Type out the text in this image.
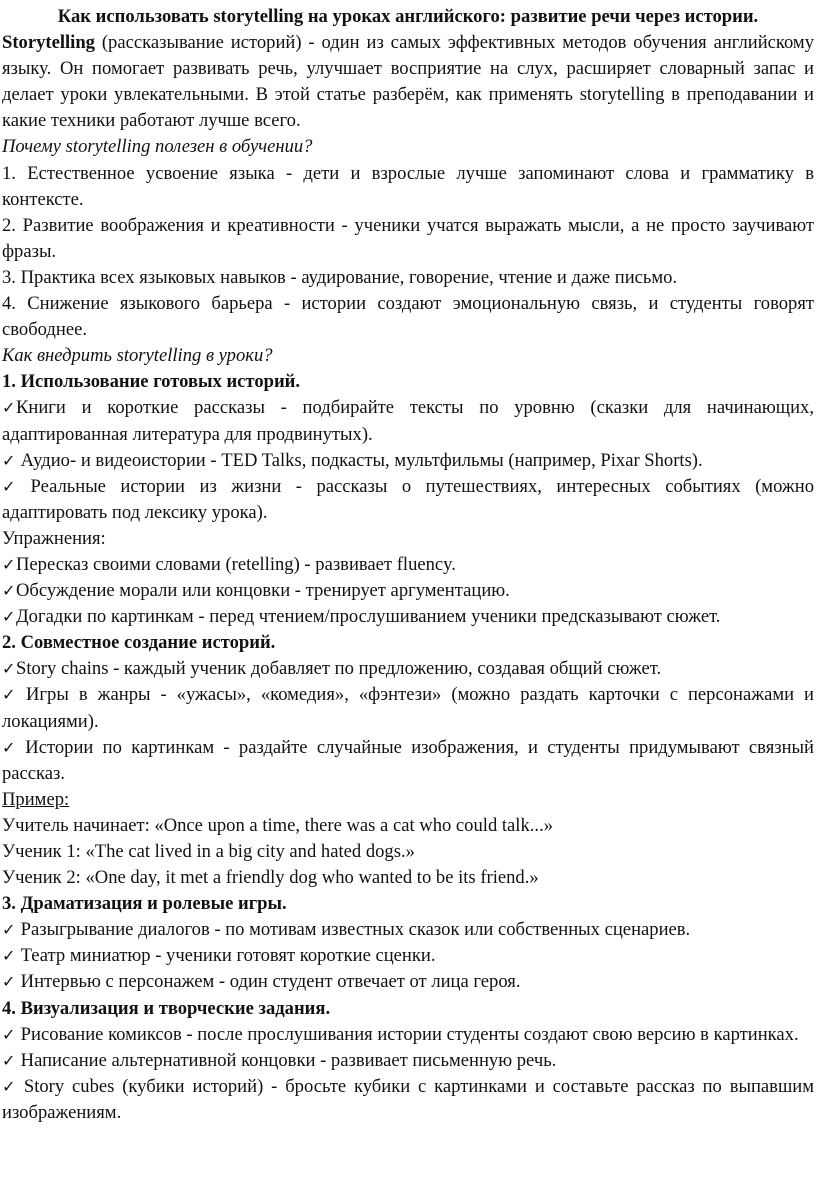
Как использовать storytelling на уроках английского: развитие речи через истории.

Storytelling (рассказывание историй) - один из самых эффективных методов обучения английскому языку. Он помогает развивать речь, улучшает восприятие на слух, расширяет словарный запас и делает уроки увлекательными. В этой статье разберём, как применять storytelling в преподавании и какие техники работают лучше всего.

Почему storytelling полезен в обучении?

1. Естественное усвоение языка - дети и взрослые лучше запоминают слова и грамматику в контексте.

2. Развитие воображения и креативности - ученики учатся выражать мысли, а не просто заучивают фразы.

3. Практика всех языковых навыков - аудирование, говорение, чтение и даже письмо.

4. Снижение языкового барьера - истории создают эмоциональную связь, и студенты говорят свободнее.

Как внедрить storytelling в уроки?

1. Использование готовых историй.

✓Книги и короткие рассказы - подбирайте тексты по уровню (сказки для начинающих, адаптированная литература для продвинутых).

✓ Аудио- и видеоистории - TED Talks, подкасты, мультфильмы (например, Pixar Shorts).

✓ Реальные истории из жизни - рассказы о путешествиях, интересных событиях (можно адаптировать под лексику урока).

Упражнения:

✓Пересказ своими словами (retelling) - развивает fluency.

✓Обсуждение морали или концовки - тренирует аргументацию.

✓Догадки по картинкам - перед чтением/прослушиванием ученики предсказывают сюжет.

2. Совместное создание историй.

✓Story chains - каждый ученик добавляет по предложению, создавая общий сюжет.

✓ Игры в жанры - «ужасы», «комедия», «фэнтези» (можно раздать карточки с персонажами и локациями).

✓ Истории по картинкам - раздайте случайные изображения, и студенты придумывают связный рассказ.

Пример:

Учитель начинает: «Once upon a time, there was a cat who could talk...»

Ученик 1: «The cat lived in a big city and hated dogs.»

Ученик 2: «One day, it met a friendly dog who wanted to be its friend.»

3. Драматизация и ролевые игры.

✓ Разыгрывание диалогов - по мотивам известных сказок или собственных сценариев.

✓ Театр миниатюр - ученики готовят короткие сценки.

✓ Интервью с персонажем - один студент отвечает от лица героя.

4. Визуализация и творческие задания.

✓ Рисование комиксов - после прослушивания истории студенты создают свою версию в картинках.

✓ Написание альтернативной концовки - развивает письменную речь.

✓ Story cubes (кубики историй) - бросьте кубики с картинками и составьте рассказ по выпавшим изображениям.
